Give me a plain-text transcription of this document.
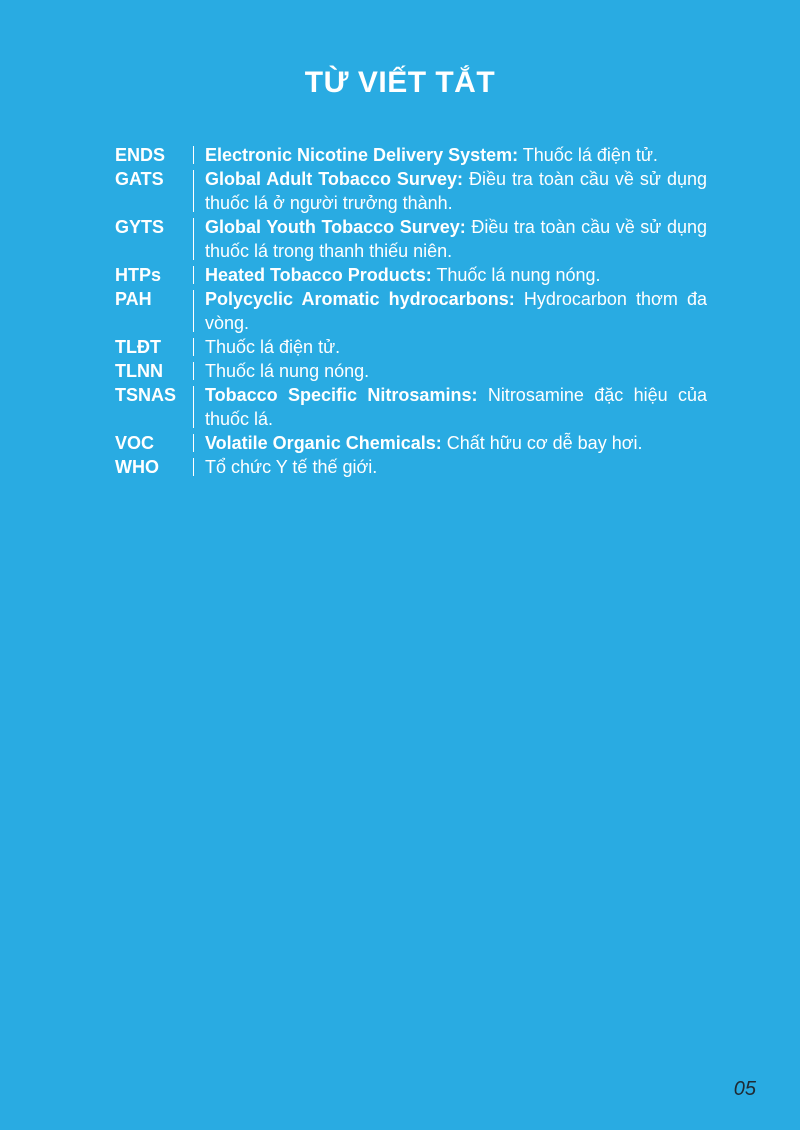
TỪ VIẾT TẮT
ENDS	Electronic Nicotine Delivery System: Thuốc lá điện tử.
GATS	Global Adult Tobacco Survey: Điều tra toàn cầu về sử dụng thuốc lá ở người trưởng thành.
GYTS	Global Youth Tobacco Survey: Điều tra toàn cầu về sử dụng thuốc lá trong thanh thiếu niên.
HTPs	Heated Tobacco Products: Thuốc lá nung nóng.
PAH	Polycyclic Aromatic hydrocarbons: Hydrocarbon thơm đa vòng.
TLĐT	Thuốc lá điện tử.
TLNN	Thuốc lá nung nóng.
TSNAS	Tobacco Specific Nitrosamins: Nitrosamine đặc hiệu của thuốc lá.
VOC	Volatile Organic Chemicals: Chất hữu cơ dễ bay hơi.
WHO	Tổ chức Y tế thế giới.
05
